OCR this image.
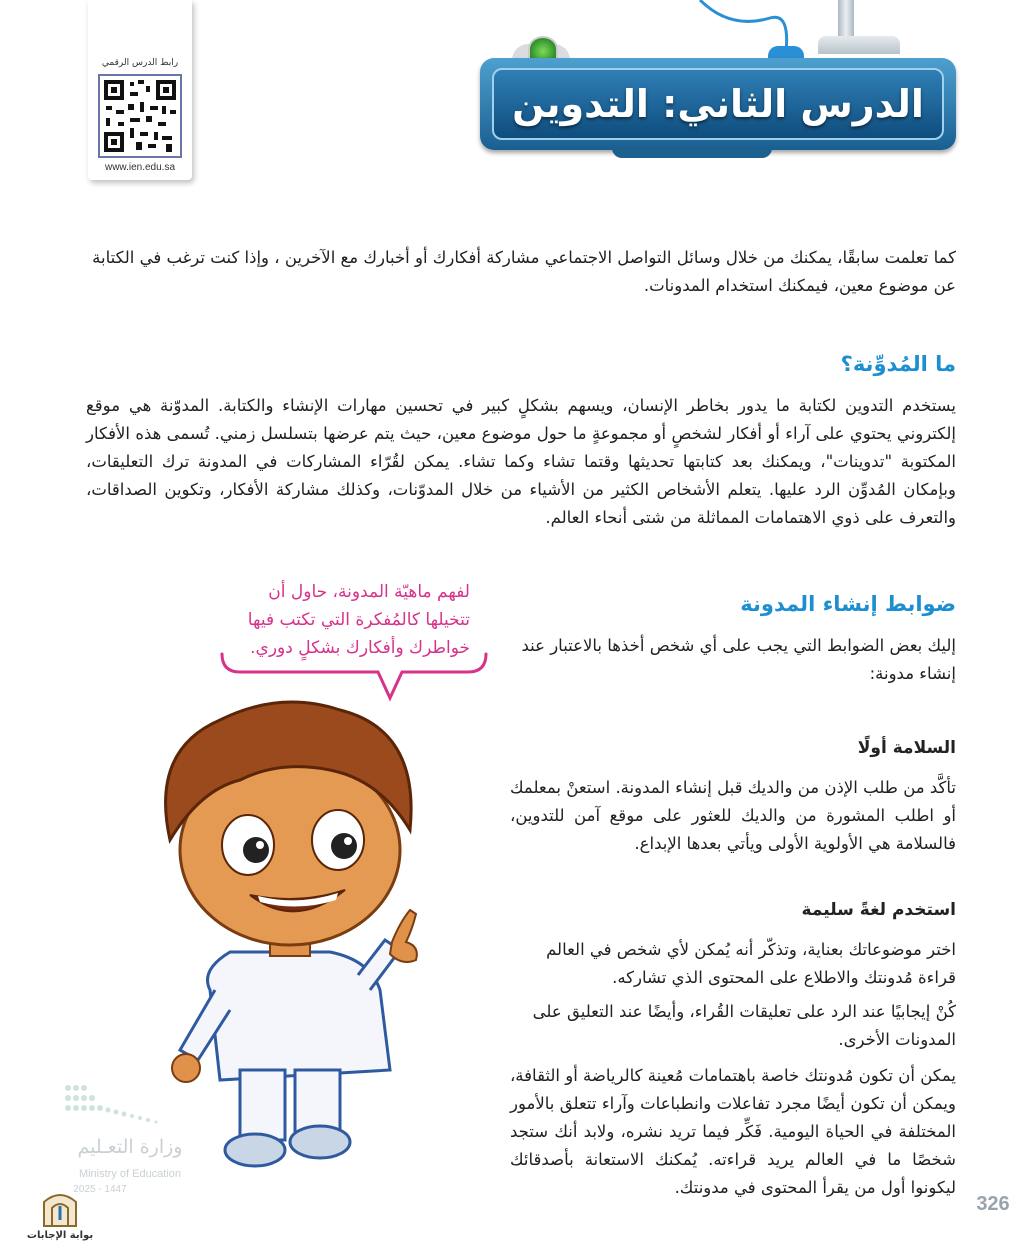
رابط الدرس الرقمي
www.ien.edu.sa
الدرس الثاني: التدوين
كما تعلمت سابقًا، يمكنك من خلال وسائل التواصل الاجتماعي مشاركة أفكارك أو أخبارك مع الآخرين ، وإذا كنت ترغب في الكتابة عن موضوع معين، فيمكنك استخدام المدونات.
ما المُدوِّنة؟
يستخدم التدوين لكتابة ما يدور بخاطر الإنسان، ويسهم بشكلٍ كبير في تحسين مهارات الإنشاء والكتابة. المدوّنة هي موقع إلكتروني يحتوي على آراء أو أفكار لشخصٍ أو مجموعةٍ ما حول موضوع معين، حيث يتم عرضها بتسلسل زمني. تُسمى هذه الأفكار المكتوبة "تدوينات"، ويمكنك بعد كتابتها تحديثها وقتما تشاء وكما تشاء. يمكن لقُرّاء المشاركات في المدونة ترك التعليقات، وبإمكان المُدوِّن الرد عليها. يتعلم الأشخاص الكثير من الأشياء من خلال المدوّنات، وكذلك مشاركة الأفكار، وتكوين الصداقات، والتعرف على ذوي الاهتمامات المماثلة من شتى أنحاء العالم.
لفهم ماهيّة المدونة، حاول أن تتخيلها كالمُفكرة التي تكتب فيها خواطرك وأفكارك بشكلٍ دوري.
ضوابط إنشاء المدونة
إليك بعض الضوابط التي يجب على أي شخص أخذها بالاعتبار عند إنشاء مدونة:
السلامة أولًا
تأكَّد من طلب الإذن من والديك قبل إنشاء المدونة. استعنْ بمعلمك أو اطلب المشورة من والديك للعثور على موقع آمن للتدوين، فالسلامة هي الأولوية الأولى ويأتي بعدها الإبداع.
استخدم لغةً سليمة
اختر موضوعاتك بعناية، وتذكّر أنه يُمكن لأي شخص في العالم قراءة مُدونتك والاطلاع على المحتوى الذي تشاركه.
كُنْ إيجابيًا عند الرد على تعليقات القُراء، وأيضًا عند التعليق على المدونات الأخرى.
يمكن أن تكون مُدونتك خاصة باهتمامات مُعينة كالرياضة أو الثقافة، ويمكن أن تكون أيضًا مجرد تفاعلات وانطباعات وآراء تتعلق بالأمور المختلفة في الحياة اليومية. فَكِّر فيما تريد نشره، ولابد أنك ستجد شخصًا ما في العالم يريد قراءته. يُمكنك الاستعانة بأصدقائك ليكونوا أول من يقرأ المحتوى في مدونتك.
وزارة التعـليم
Ministry of Education
2025 - 1447
بوابة الإجابات
326
